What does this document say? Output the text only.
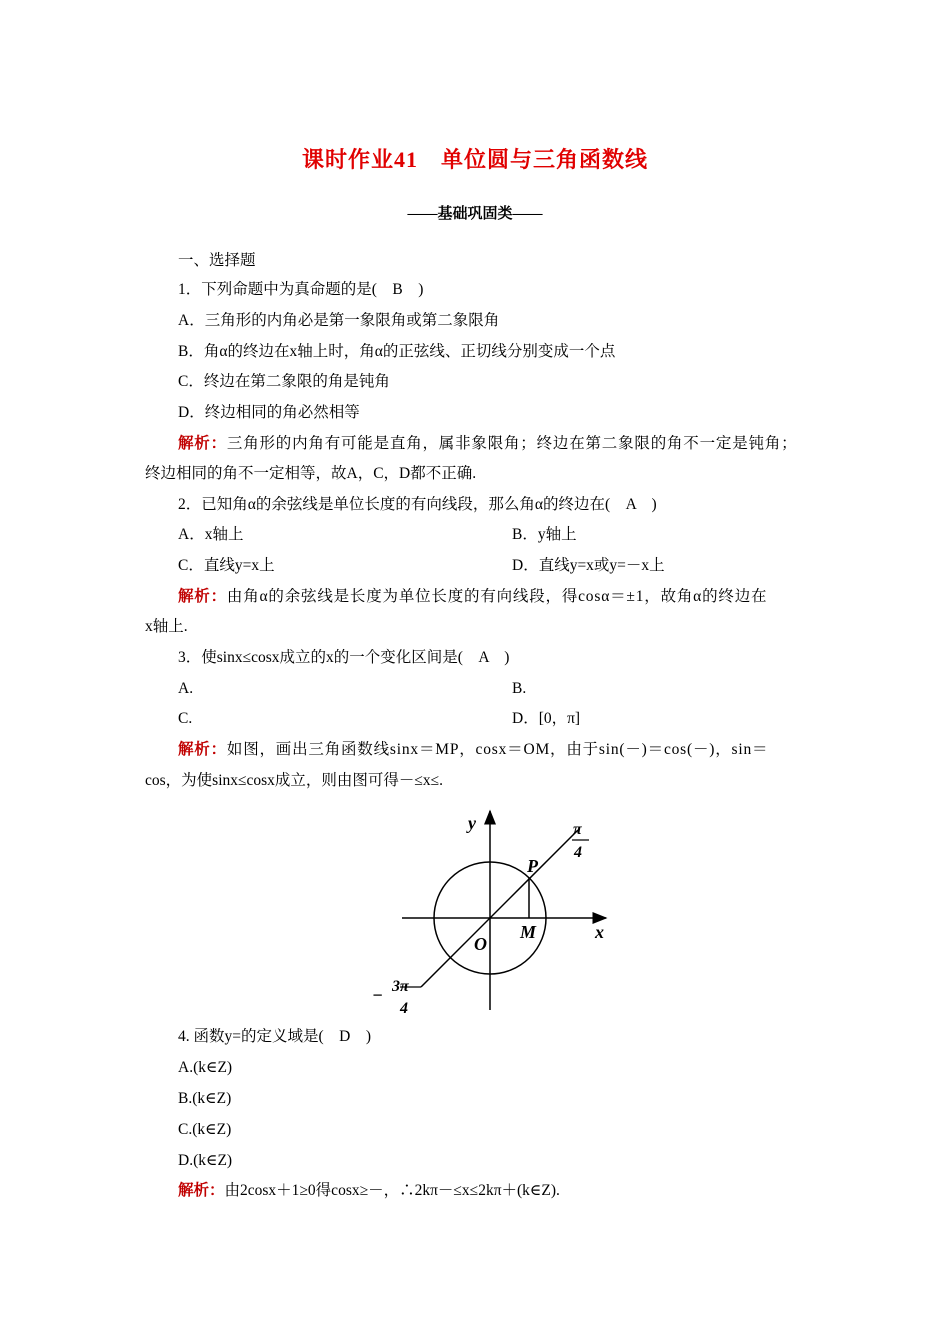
课时作业41　单位圆与三角函数线
——基础巩固类——
一、选择题
1．下列命题中为真命题的是(　B　)
A．三角形的内角必是第一象限角或第二象限角
B．角α的终边在x轴上时，角α的正弦线、正切线分别变成一个点
C．终边在第二象限的角是钝角
D．终边相同的角必然相等
解析：三角形的内角有可能是直角，属非象限角；终边在第二象限的角不一定是钝角；
终边相同的角不一定相等，故A，C，D都不正确.
2．已知角α的余弦线是单位长度的有向线段，那么角α的终边在(　A　)
A．x轴上	B．y轴上
C．直线y=x上	D．直线y=x或y=－x上
解析：由角α的余弦线是长度为单位长度的有向线段，得cosα＝±1，故角α的终边在
x轴上.
3．使sinx≤cosx成立的x的一个变化区间是(　A　)
A.	B.
C.	D．[0，π]
解析：如图，画出三角函数线sinx＝MP，cosx＝OM，由于sin(－)＝cos(－)，sin＝
cos，为使sinx≤cosx成立，则由图可得－≤x≤.
y
x
P
M
O
π
4
− 3π
4
4. 函数y=的定义域是(　D　)
A.(k∈Z)
B.(k∈Z)
C.(k∈Z)
D.(k∈Z)
解析：由2cosx＋1≥0得cosx≥－，∴2kπ－≤x≤2kπ＋(k∈Z).
